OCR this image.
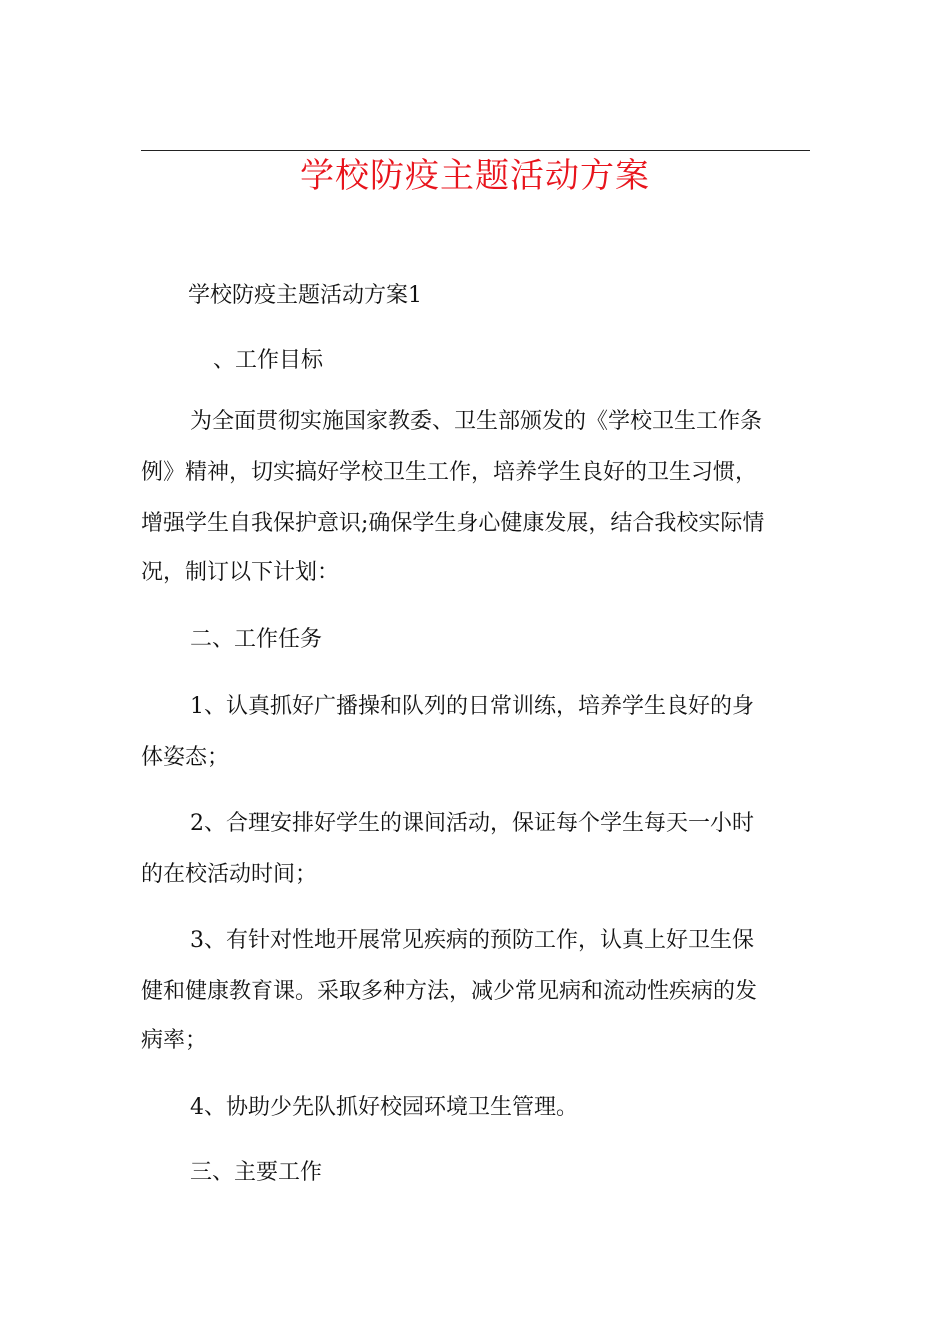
学校防疫主题活动方案
学校防疫主题活动方案1
、工作目标
为全面贯彻实施国家教委、卫生部颁发的《学校卫生工作条
例》精神，切实搞好学校卫生工作，培养学生良好的卫生习惯，
增强学生自我保护意识;确保学生身心健康发展，结合我校实际情
况，制订以下计划：
二、工作任务
1、认真抓好广播操和队列的日常训练，培养学生良好的身
体姿态；
2、合理安排好学生的课间活动，保证每个学生每天一小时
的在校活动时间；
3、有针对性地开展常见疾病的预防工作，认真上好卫生保
健和健康教育课。采取多种方法，减少常见病和流动性疾病的发
病率；
4、协助少先队抓好校园环境卫生管理。
三、主要工作
